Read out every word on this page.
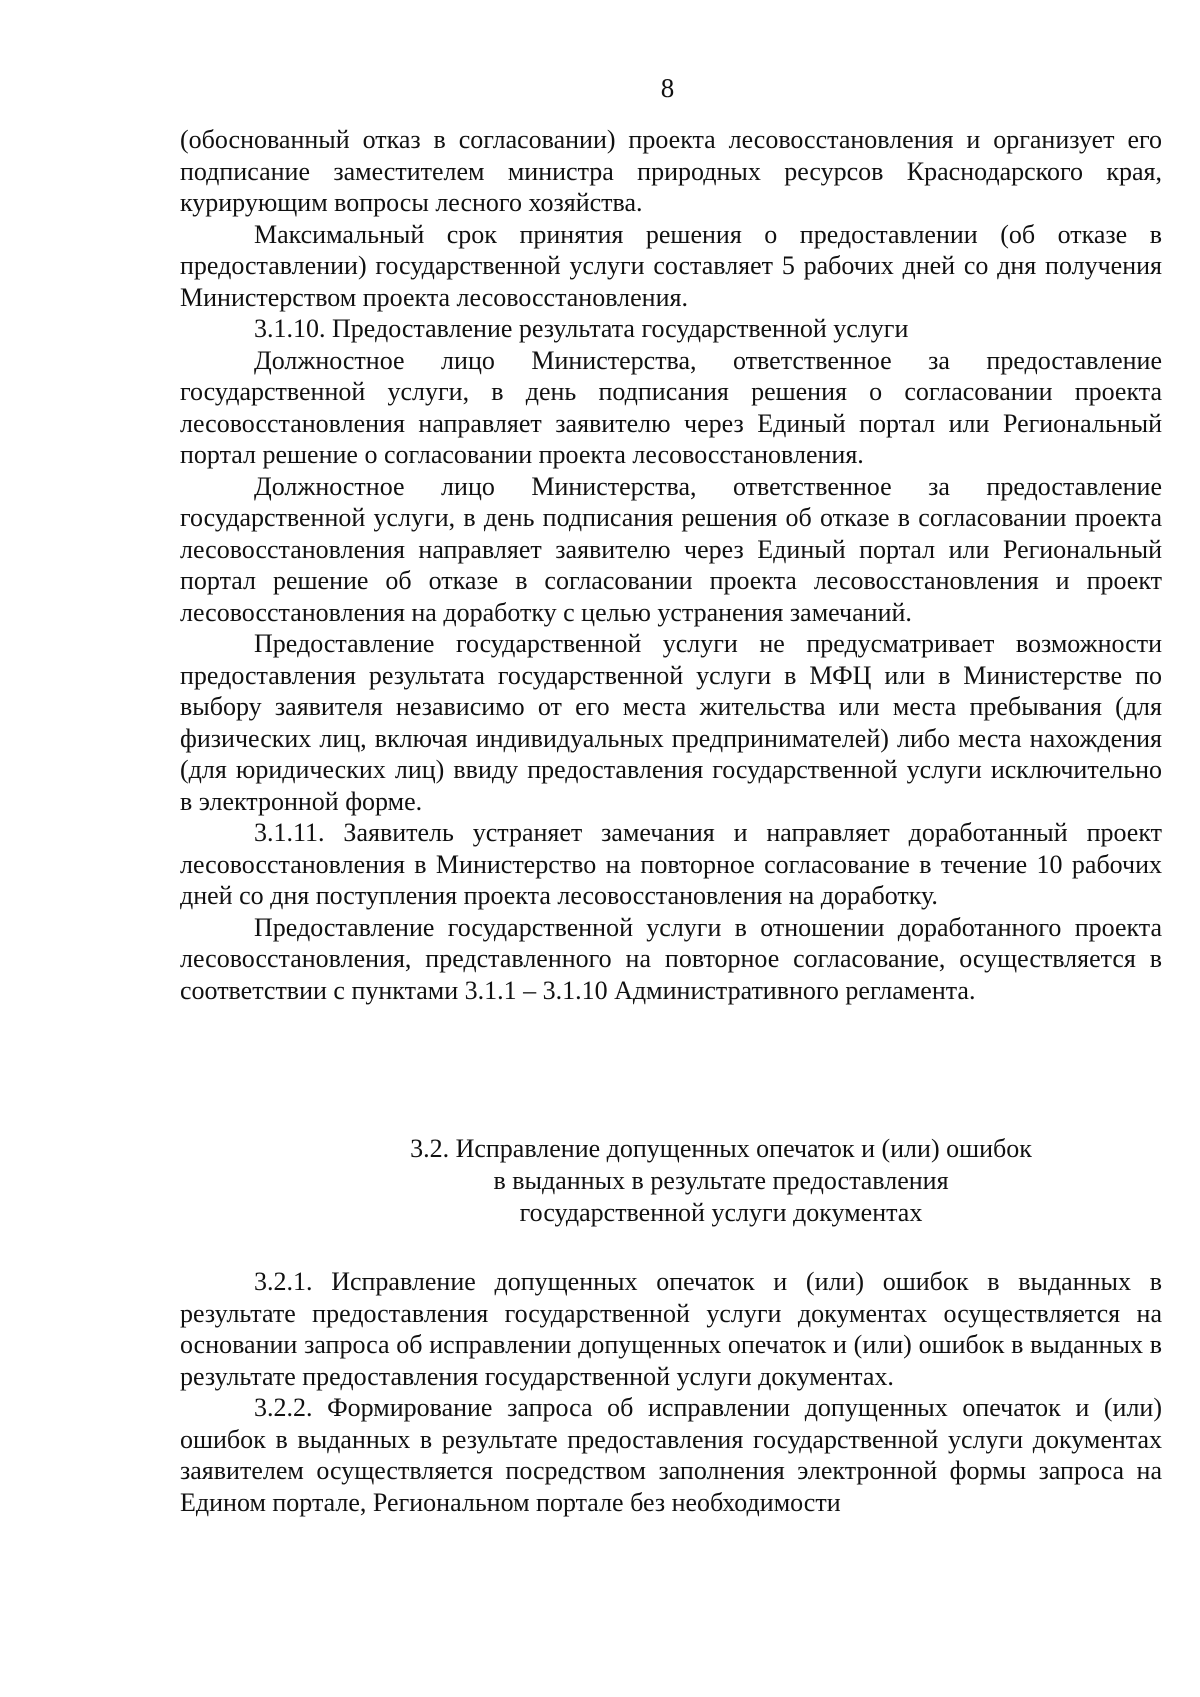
8

(обоснованный отказ в согласовании) проекта лесовосстановления и организует его подписание заместителем министра природных ресурсов Краснодарского края, курирующим вопросы лесного хозяйства.

Максимальный срок принятия решения о предоставлении (об отказе в предоставлении) государственной услуги составляет 5 рабочих дней со дня получения Министерством проекта лесовосстановления.

3.1.10. Предоставление результата государственной услуги

Должностное лицо Министерства, ответственное за предоставление государственной услуги, в день подписания решения о согласовании проекта лесовосстановления направляет заявителю через Единый портал или Региональный портал решение о согласовании проекта лесовосстановления.

Должностное лицо Министерства, ответственное за предоставление государственной услуги, в день подписания решения об отказе в согласовании проекта лесовосстановления направляет заявителю через Единый портал или Региональный портал решение об отказе в согласовании проекта лесовосстановления и проект лесовосстановления на доработку с целью устранения замечаний.

Предоставление государственной услуги не предусматривает возможности предоставления результата государственной услуги в МФЦ или в Министерстве по выбору заявителя независимо от его места жительства или места пребывания (для физических лиц, включая индивидуальных предпринимателей) либо места нахождения (для юридических лиц) ввиду предоставления государственной услуги исключительно в электронной форме.

3.1.11. Заявитель устраняет замечания и направляет доработанный проект лесовосстановления в Министерство на повторное согласование в течение 10 рабочих дней со дня поступления проекта лесовосстановления на доработку.

Предоставление государственной услуги в отношении доработанного проекта лесовосстановления, представленного на повторное согласование, осуществляется в соответствии с пунктами 3.1.1 – 3.1.10 Административного регламента.

3.2. Исправление допущенных опечаток и (или) ошибок
в выданных в результате предоставления
государственной услуги документах

3.2.1. Исправление допущенных опечаток и (или) ошибок в выданных в результате предоставления государственной услуги документах осуществляется на основании запроса об исправлении допущенных опечаток и (или) ошибок в выданных в результате предоставления государственной услуги документах.

3.2.2. Формирование запроса об исправлении допущенных опечаток и (или) ошибок в выданных в результате предоставления государственной услуги документах заявителем осуществляется посредством заполнения электронной формы запроса на Едином портале, Региональном портале без необходимости
